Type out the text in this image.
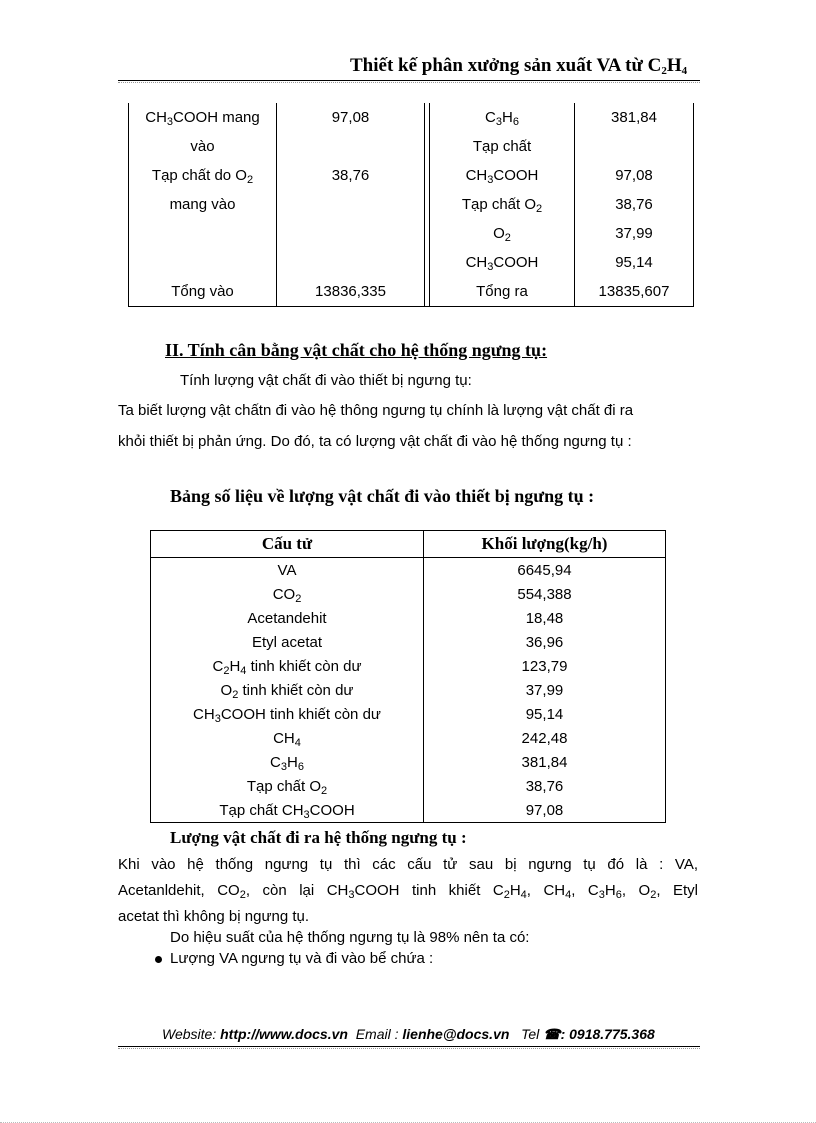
Thiết kế phân xưởng sản xuất VA từ $C_2H_4$
$CH_3COOH$ mang	97,08		$C_3H_6$	381,84
vào			Tạp chất	
Tạp chất do $O_2$	38,76		$CH_3COOH$	97,08
mang vào			Tạp chất $O_2$	38,76
			$O_2$	37,99
			$CH_3COOH$	95,14
Tổng vào	13836,335		Tổng ra	13835,607
II. Tính cân bằng vật chất cho hệ thống ngưng tụ:
Tính lượng vật chất đi vào thiết bị ngưng tụ:
Ta biết lượng vật chấtn đi vào hệ thông ngưng tụ chính là lượng vật chất đi ra
khỏi thiết bị phản ứng. Do đó, ta có lượng vật chất đi vào hệ thống ngưng tụ :
Bảng số liệu về lượng vật chất đi vào thiết bị ngưng tụ :
Cấu tử	Khối lượng(kg/h)
VA	6645,94
$CO_2$	554,388
Acetandehit	18,48
Etyl acetat	36,96
$C_2H_4$ tinh khiết còn dư	123,79
$O_2$ tinh khiết còn dư	37,99
$CH_3COOH$ tinh khiết còn dư	95,14
$CH_4$	242,48
$C_3H_6$	381,84
Tạp chất $O_2$	38,76
Tạp chất $CH_3COOH$	97,08
Lượng vật chất đi ra hệ thống ngưng tụ :
Khi vào hệ thống ngưng tụ thì các cấu tử sau bị ngưng tụ đó là : VA,
Acetanldehit, $CO_2$, còn lại $CH_3COOH$ tinh khiết $C_2H_4$, $CH_4$, $C_3H_6$, $O_2$, Etyl
acetat thì không bị ngưng tụ.
Do hiệu suất của hệ thống ngưng tụ là 98% nên ta có:
Lượng VA ngưng tụ và đi vào bể chứa :
Website: http://www.docs.vn Email : lienhe@docs.vn Tel ☎: 0918.775.368
